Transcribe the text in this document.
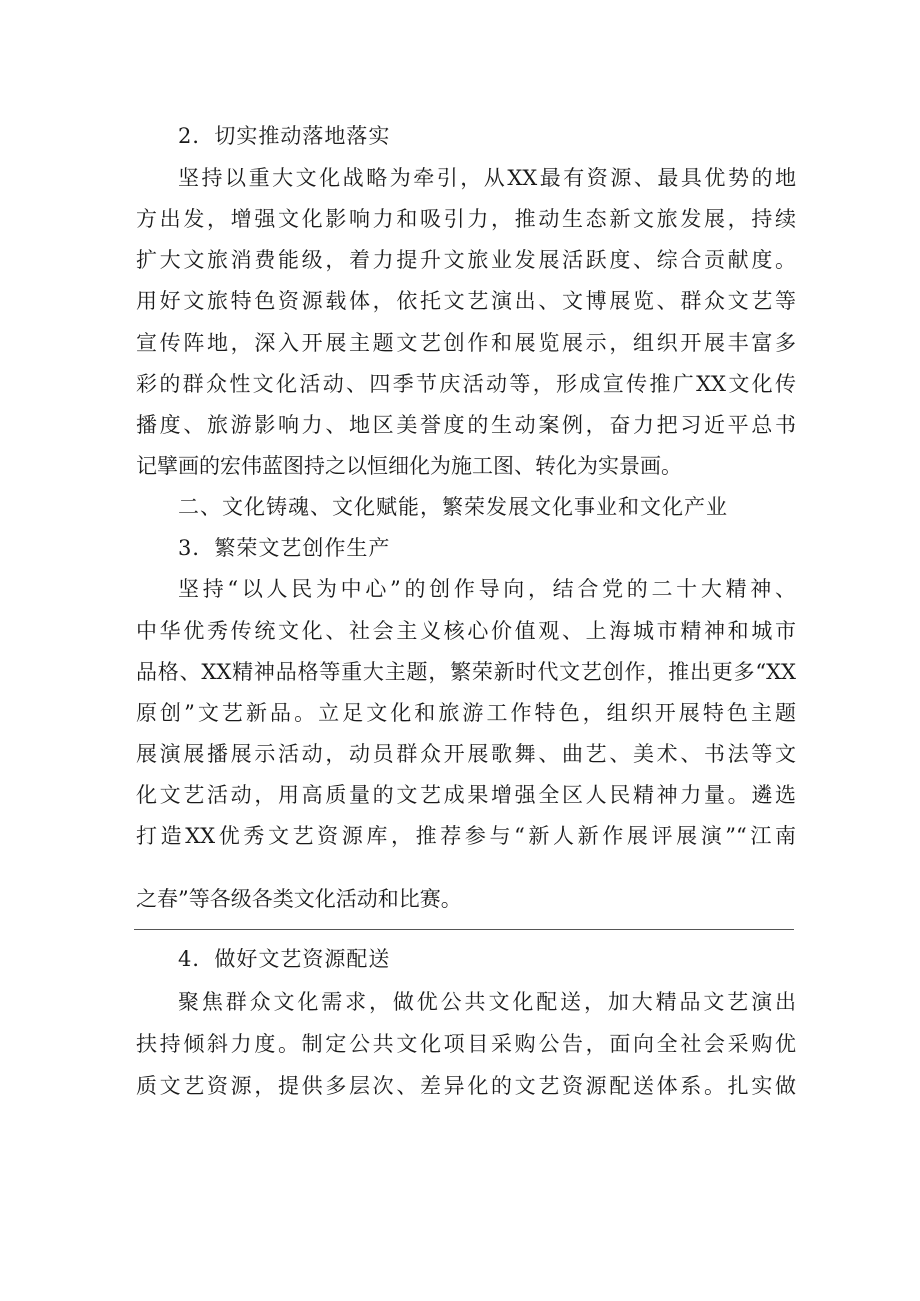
2．切实推动落地落实
坚持以重大文化战略为牵引，从XX最有资源、最具优势的地
方出发，增强文化影响力和吸引力，推动生态新文旅发展，持续
扩大文旅消费能级，着力提升文旅业发展活跃度、综合贡献度。
用好文旅特色资源载体，依托文艺演出、文博展览、群众文艺等
宣传阵地，深入开展主题文艺创作和展览展示，组织开展丰富多
彩的群众性文化活动、四季节庆活动等，形成宣传推广XX文化传
播度、旅游影响力、地区美誉度的生动案例，奋力把习近平总书
记擘画的宏伟蓝图持之以恒细化为施工图、转化为实景画。
二、文化铸魂、文化赋能，繁荣发展文化事业和文化产业
3．繁荣文艺创作生产
坚持“以人民为中心”的创作导向，结合党的二十大精神、
中华优秀传统文化、社会主义核心价值观、上海城市精神和城市
品格、XX精神品格等重大主题，繁荣新时代文艺创作，推出更多“XX
原创”文艺新品。立足文化和旅游工作特色，组织开展特色主题
展演展播展示活动，动员群众开展歌舞、曲艺、美术、书法等文
化文艺活动，用高质量的文艺成果增强全区人民精神力量。遴选
打造XX优秀文艺资源库，推荐参与“新人新作展评展演”“江南
之春”等各级各类文化活动和比赛。
4．做好文艺资源配送
聚焦群众文化需求，做优公共文化配送，加大精品文艺演出
扶持倾斜力度。制定公共文化项目采购公告，面向全社会采购优
质文艺资源，提供多层次、差异化的文艺资源配送体系。扎实做
